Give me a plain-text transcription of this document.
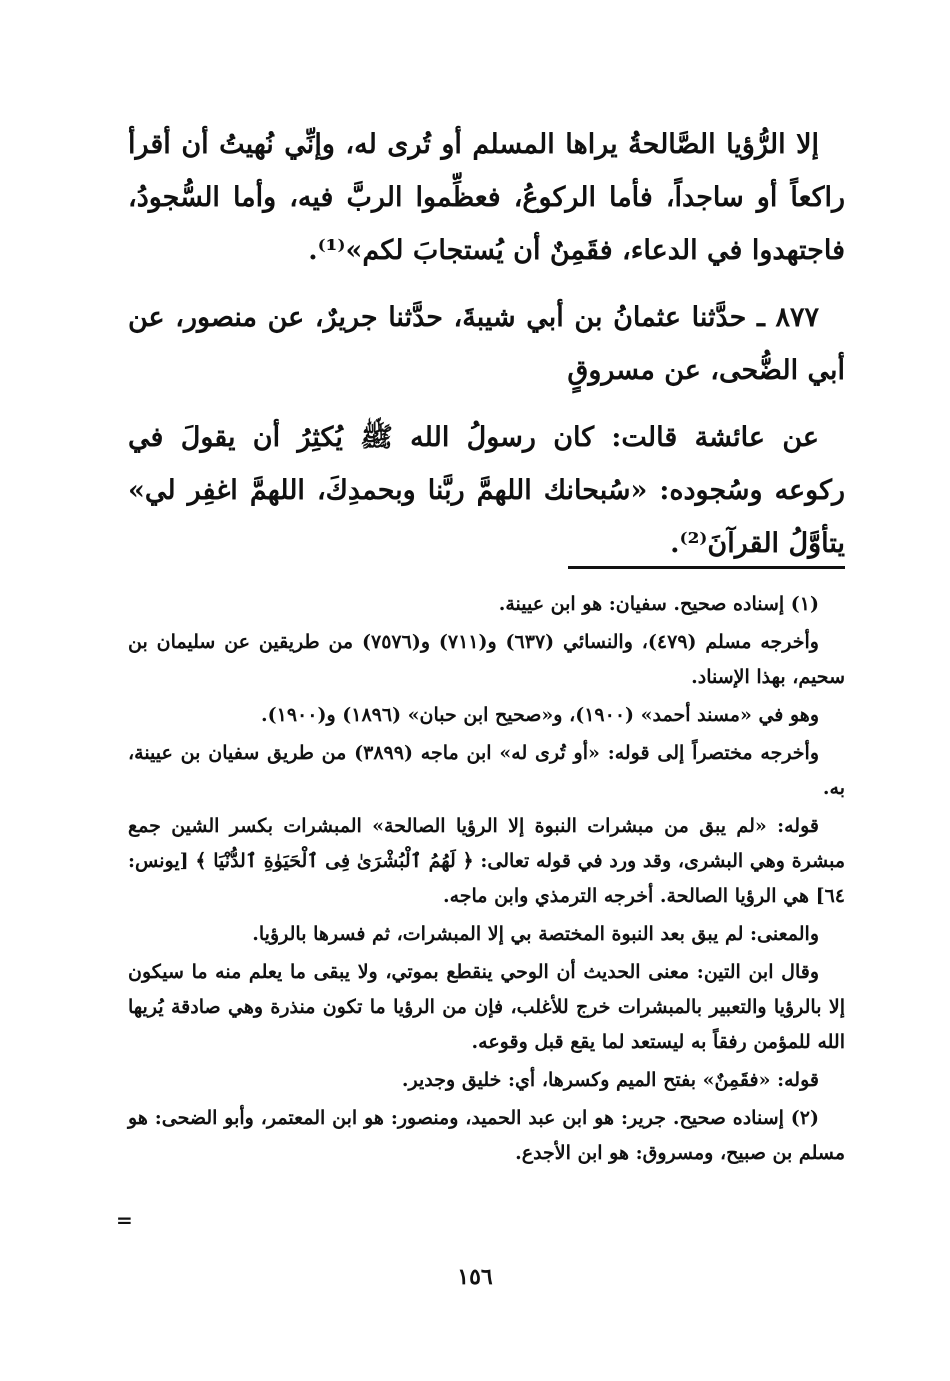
إلا الرُّؤيا الصَّالحةُ يراها المسلم أو تُرى له، وإنِّي نُهيتُ أن أقرأ راكعاً أو ساجداً، فأما الركوعُ، فعظِّموا الربَّ فيه، وأما السُّجودُ، فاجتهدوا في الدعاء، فقَمِنٌ أن يُستجابَ لكم»⁽¹⁾.

٨٧٧ ـ حدَّثنا عثمانُ بن أبي شيبةَ، حدَّثنا جريرٌ، عن منصور، عن أبي الضُّحى، عن مسروقٍ

عن عائشة قالت: كان رسولُ الله ﷺ يُكثِرُ أن يقولَ في ركوعه وسُجوده: «سُبحانك اللهمَّ ربَّنا وبحمدِكَ، اللهمَّ اغفِر لي» يتأوَّلُ القرآنَ⁽²⁾.

(١) إسناده صحيح. سفيان: هو ابن عيينة.

وأخرجه مسلم (٤٧٩)، والنسائي (٦٣٧) و(٧١١) و(٧٥٧٦) من طريقين عن سليمان بن سحيم، بهذا الإسناد.

وهو في «مسند أحمد» (١٩٠٠)، و«صحيح ابن حبان» (١٨٩٦) و(١٩٠٠).

وأخرجه مختصراً إلى قوله: «أو تُرى له» ابن ماجه (٣٨٩٩) من طريق سفيان بن عيينة، به.

قوله: «لم يبق من مبشرات النبوة إلا الرؤيا الصالحة» المبشرات بكسر الشين جمع مبشرة وهي البشرى، وقد ورد في قوله تعالى: ﴿ لَهُمُ ٱلْبُشْرَىٰ فِى ٱلْحَيَوٰةِ ٱلدُّنْيَا ﴾ [يونس: ٦٤] هي الرؤيا الصالحة. أخرجه الترمذي وابن ماجه.

والمعنى: لم يبق بعد النبوة المختصة بي إلا المبشرات، ثم فسرها بالرؤيا.

وقال ابن التين: معنى الحديث أن الوحي ينقطع بموتي، ولا يبقى ما يعلم منه ما سيكون إلا بالرؤيا والتعبير بالمبشرات خرج للأغلب، فإن من الرؤيا ما تكون منذرة وهي صادقة يُريها الله للمؤمن رفقاً به ليستعد لما يقع قبل وقوعه.

قوله: «فقَمِنٌ» بفتح الميم وكسرها، أي: خليق وجدير.

(٢) إسناده صحيح. جرير: هو ابن عبد الحميد، ومنصور: هو ابن المعتمر، وأبو الضحى: هو مسلم بن صبيح، ومسروق: هو ابن الأجدع.

=
١٥٦
